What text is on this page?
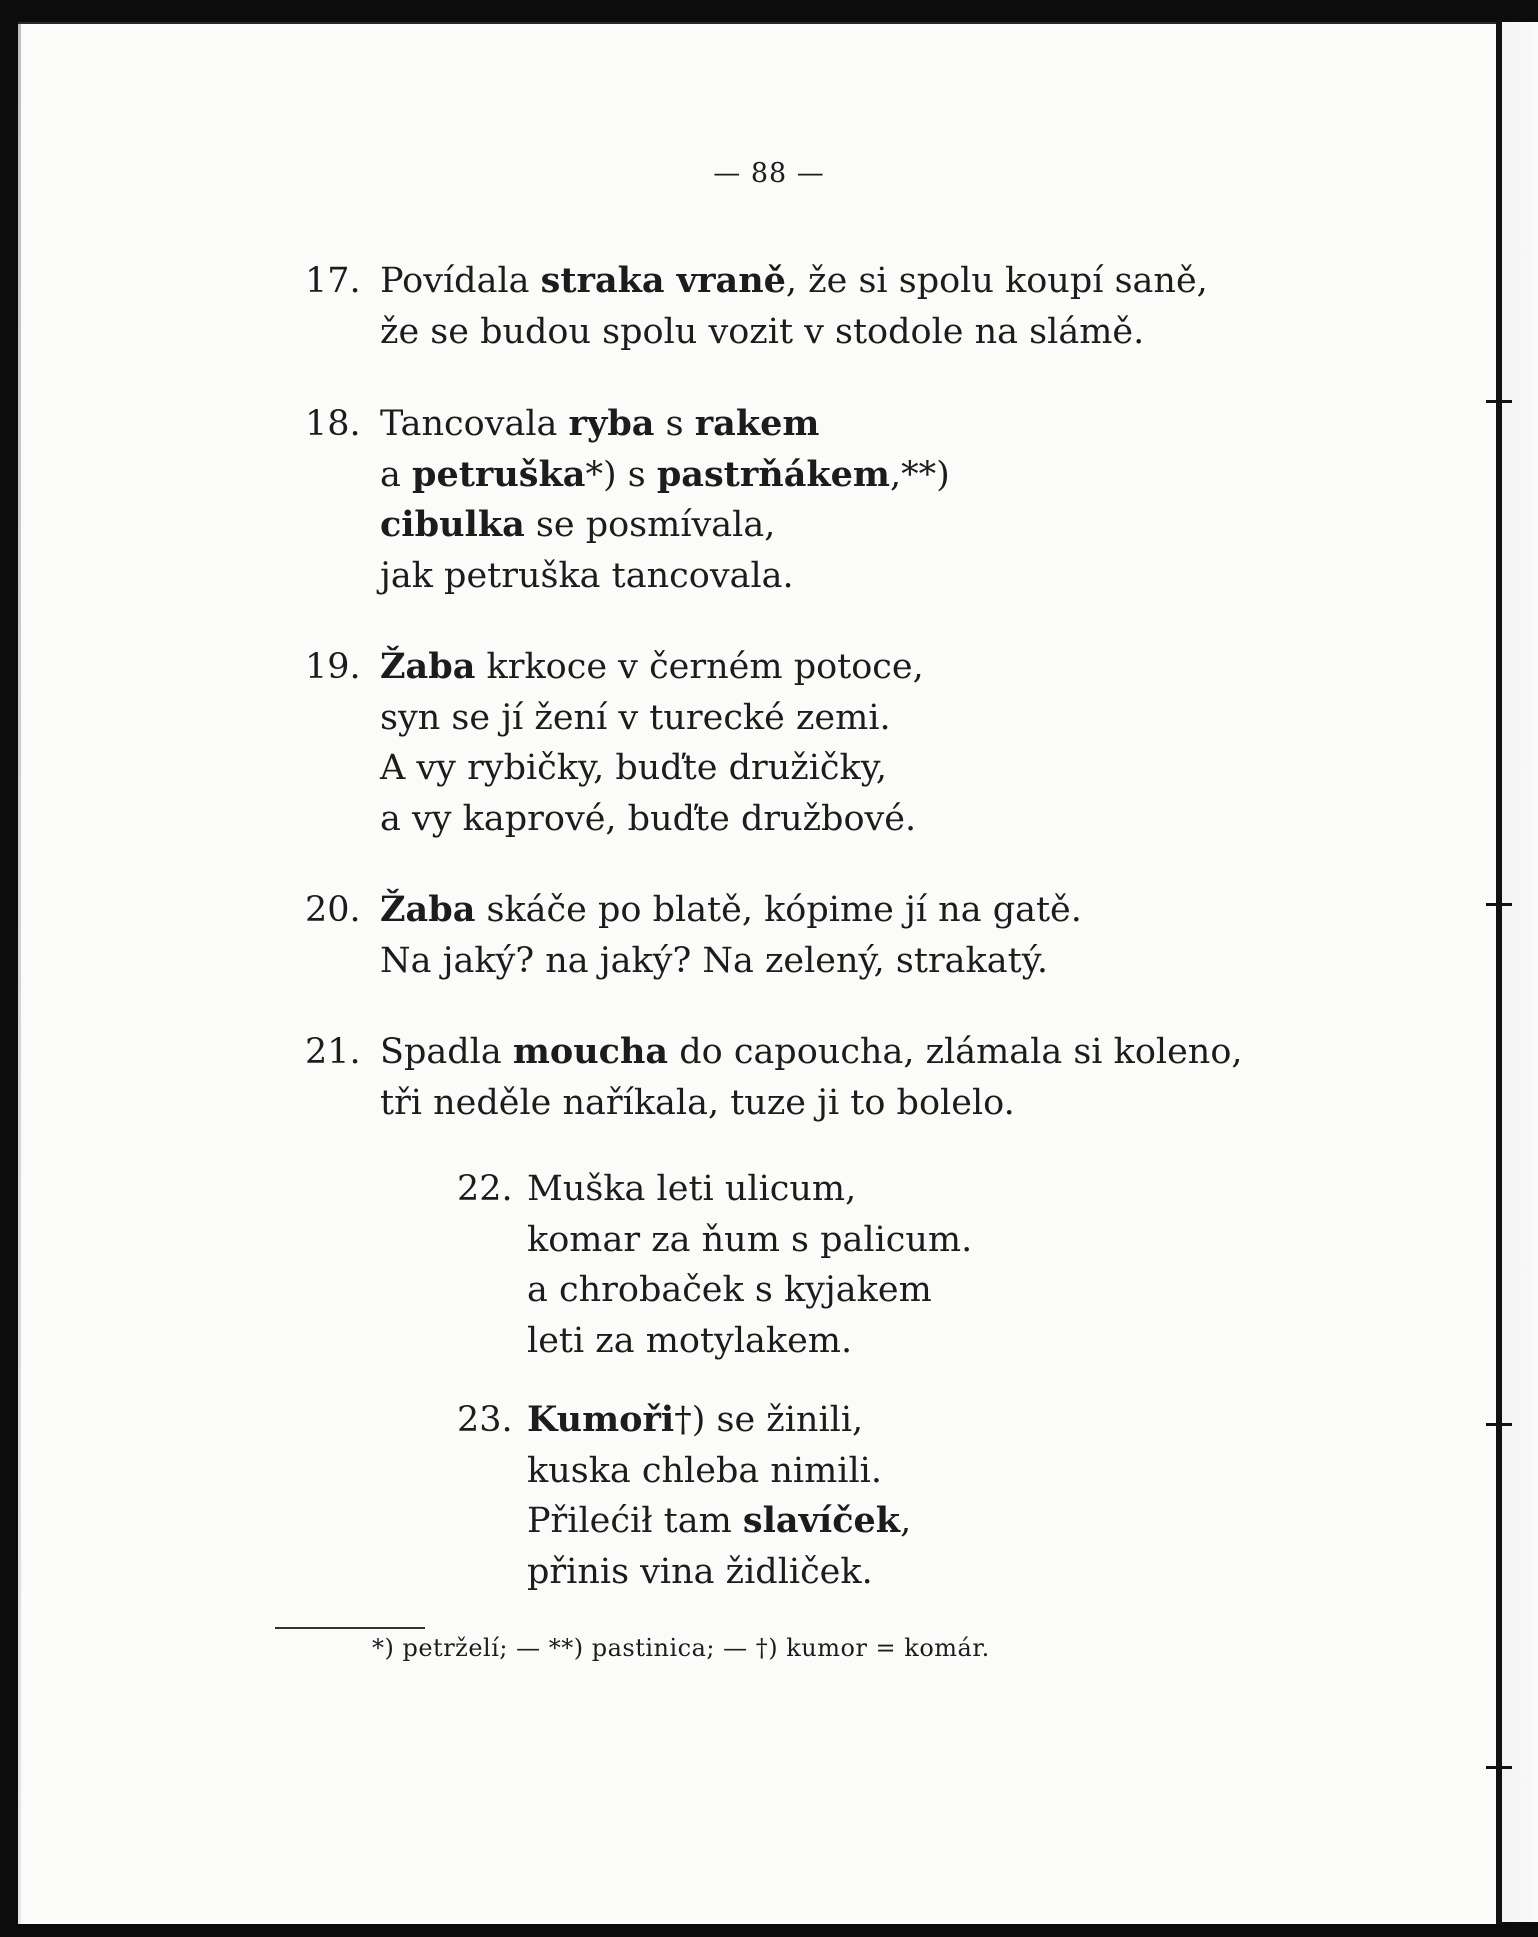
— 88 —
17. Povídala straka vraně, že si spolu koupí saně,
že se budou spolu vozit v stodole na slámě.
18. Tancovala ryba s rakem
a petruška*) s pastrňákem,**)
cibulka se posmívala,
jak petruška tancovala.
19. Žaba krkoce v černém potoce,
syn se jí žení v turecké zemi.
A vy rybičky, buďte družičky,
a vy kaprové, buďte družbové.
20. Žaba skáče po blatě, kópime jí na gatě.
Na jaký? na jaký? Na zelený, strakatý.
21. Spadla moucha do capoucha, zlámala si koleno,
tři neděle naříkala, tuze ji to bolelo.
22. Muška leti ulicum,
komar za ňum s palicum.
a chrobaček s kyjakem
leti za motylakem.
23. Kumoři†) se žinili,
kuska chleba nimili.
Přilećił tam slavíček,
přinis vina židliček.
*) petrželí; — **) pastinica; — †) kumor = komár.
